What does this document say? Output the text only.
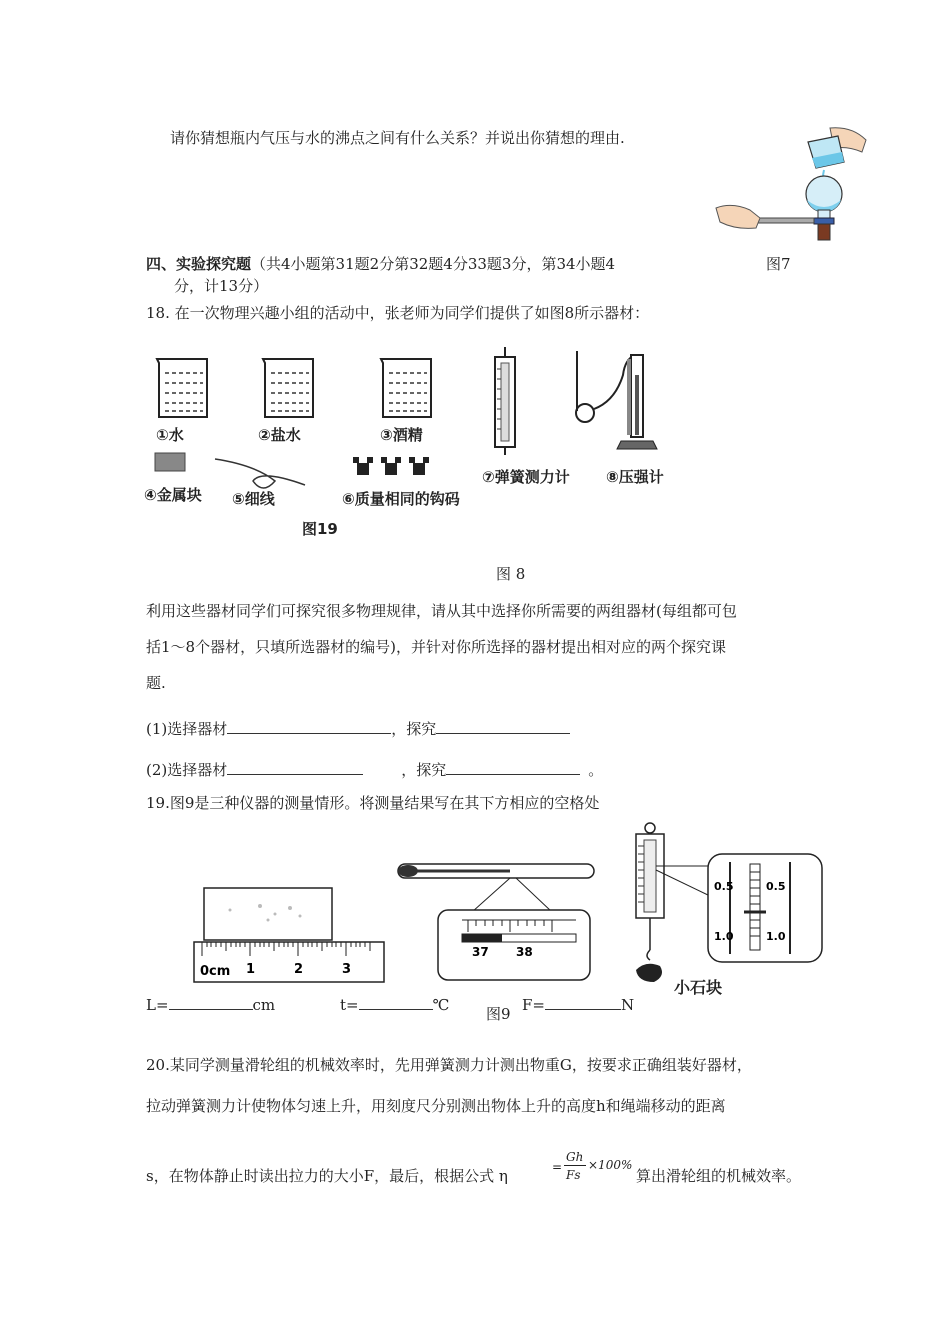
请你猜想瓶内气压与水的沸点之间有什么关系？并说出你猜想的理由.
图7
四、实验探究题（共4小题第31题2分第32题4分33题3分，第34小题4
分，计13分）
18. 在一次物理兴趣小组的活动中，张老师为同学们提供了如图8所示器材：
①水	②盐水	③酒精
⑦弹簧测力计 ⑧压强计
④金属块 ⑤细线	⑥质量相同的钩码
图19
图 8
利用这些器材同学们可探究很多物理规律，请从其中选择你所需要的两组器材(每组都可包
括1～8个器材，只填所选器材的编号)，并针对你所选择的器材提出相对应的两个探究课
题.
(1)选择器材	，探究
(2)选择器材	，探究	。
19.图9是三种仪器的测量情形。将测量结果写在其下方相应的空格处
0cm 1	2	3
37 38
0.5	0.5
1.0	1.0
小石块
L=	cm	t=	℃ 图9 F=	N
20.某同学测量滑轮组的机械效率时，先用弹簧测力计测出物重G，按要求正确组装好器材，
拉动弹簧测力计使物体匀速上升，用刻度尺分别测出物体上升的高度h和绳端移动的距离
s，在物体静止时读出拉力的大小F，最后，根据公式 η	=
Gh
Fs
×100%
算出滑轮组的机械效率。
